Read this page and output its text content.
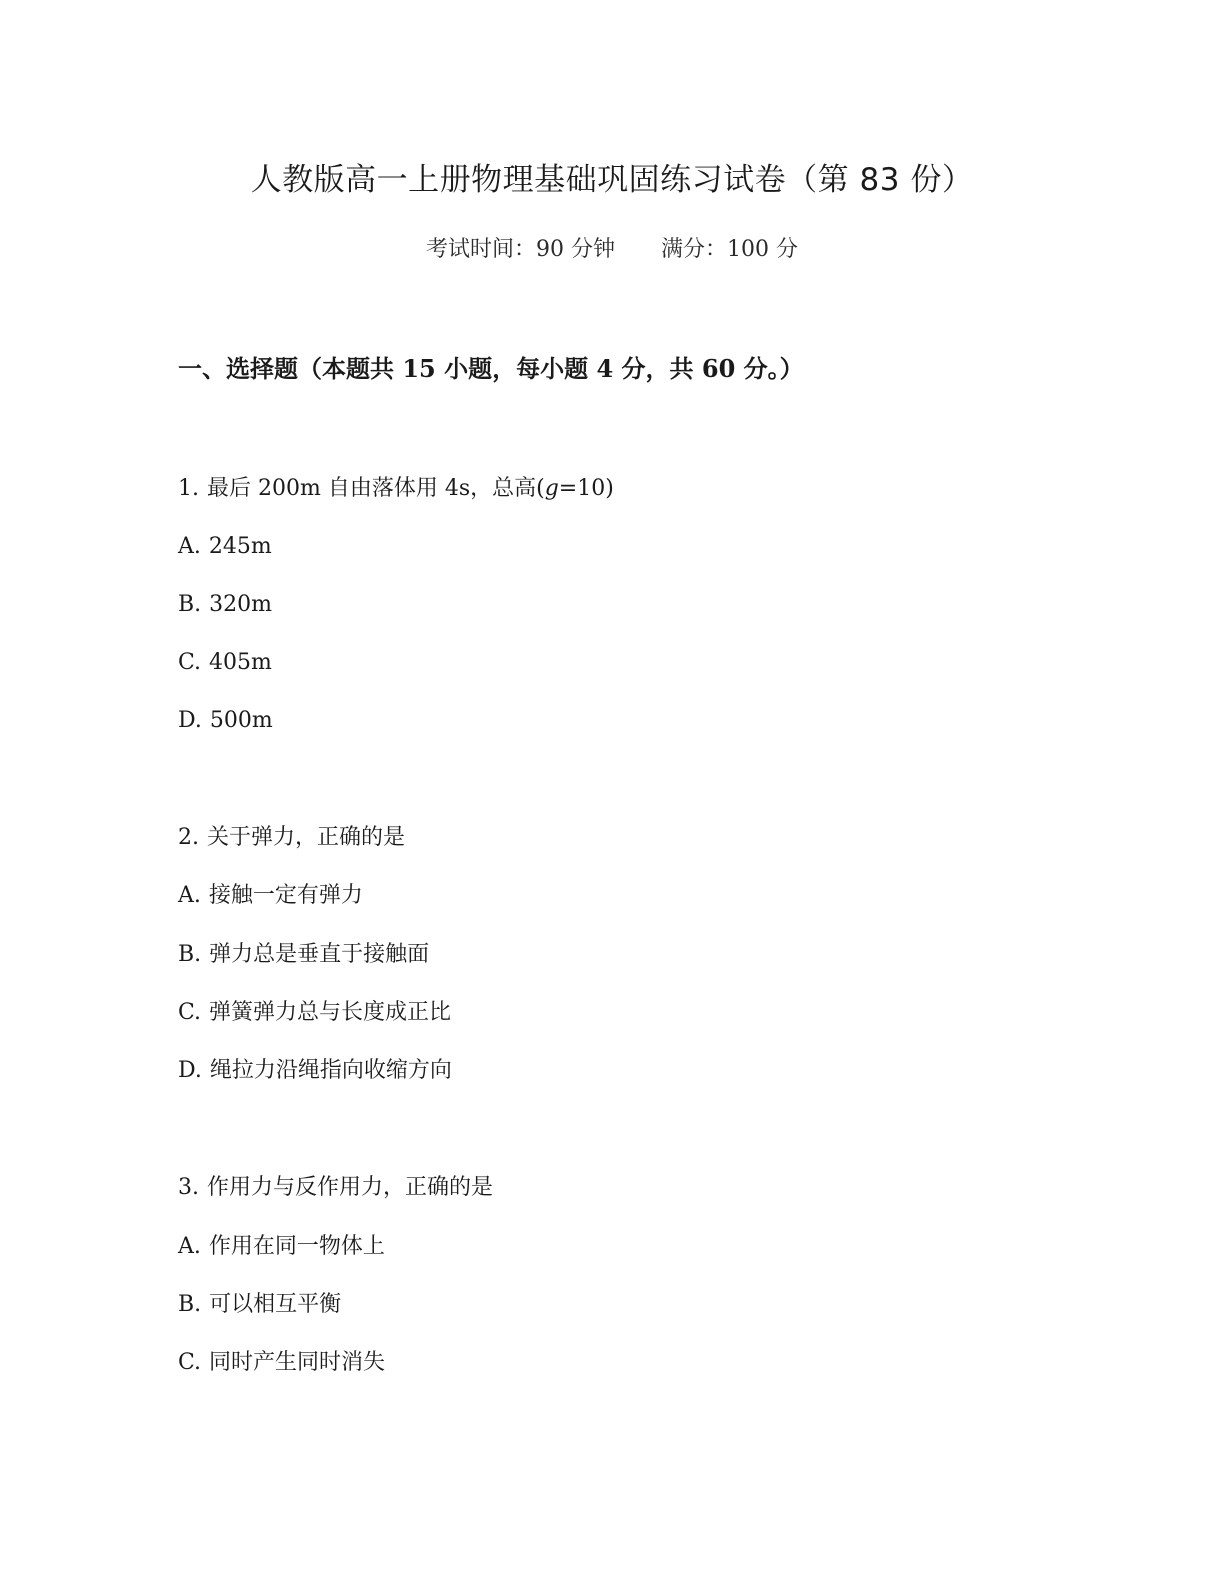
人教版高一上册物理基础巩固练习试卷（第 83 份）
考试时间：90 分钟 满分：100 分
一、选择题（本题共 15 小题，每小题 4 分，共 60 分。）
1. 最后 200m 自由落体用 4s，总高(g=10)
A. 245m
B. 320m
C. 405m
D. 500m
2. 关于弹力，正确的是
A. 接触一定有弹力
B. 弹力总是垂直于接触面
C. 弹簧弹力总与长度成正比
D. 绳拉力沿绳指向收缩方向
3. 作用力与反作用力，正确的是
A. 作用在同一物体上
B. 可以相互平衡
C. 同时产生同时消失
